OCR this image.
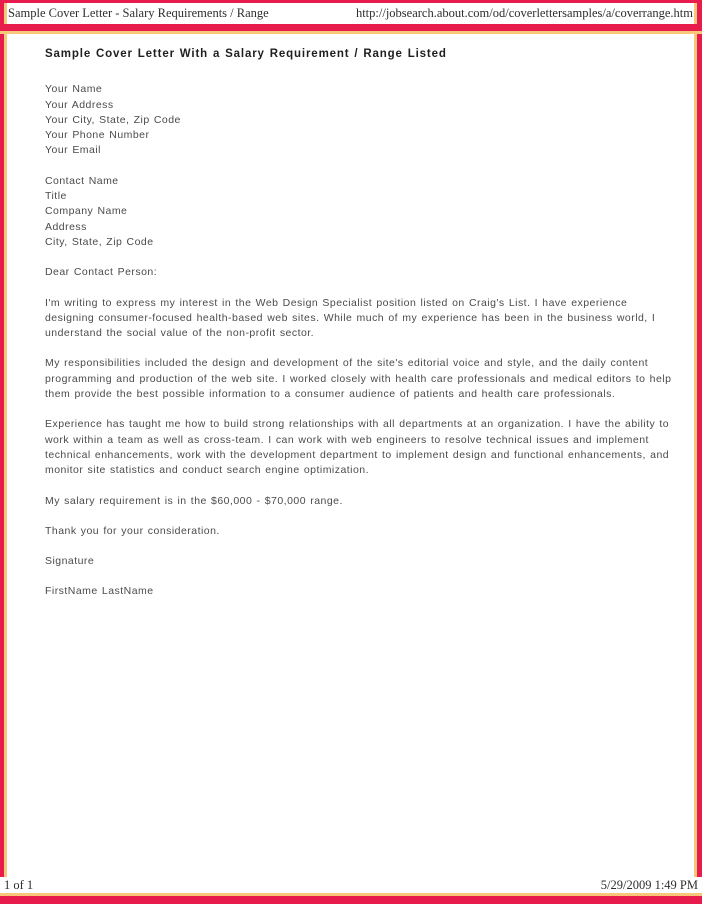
Sample Cover Letter - Salary Requirements / Range	http://jobsearch.about.com/od/coverlettersamples/a/coverrange.htm
Sample Cover Letter With a Salary Requirement / Range Listed
Your Name
Your Address
Your City, State, Zip Code
Your Phone Number
Your Email
Contact Name
Title
Company Name
Address
City, State, Zip Code

Dear Contact Person:

I'm writing to express my interest in the Web Design Specialist position listed on Craig's List. I have experience designing consumer-focused health-based web sites. While much of my experience has been in the business world, I understand the social value of the non-profit sector.

My responsibilities included the design and development of the site's editorial voice and style, and the daily content programming and production of the web site. I worked closely with health care professionals and medical editors to help them provide the best possible information to a consumer audience of patients and health care professionals.

Experience has taught me how to build strong relationships with all departments at an organization. I have the ability to work within a team as well as cross-team. I can work with web engineers to resolve technical issues and implement technical enhancements, work with the development department to implement design and functional enhancements, and monitor site statistics and conduct search engine optimization.

My salary requirement is in the $60,000 - $70,000 range.

Thank you for your consideration.

Signature

FirstName LastName

1 of 1	5/29/2009 1:49 PM
